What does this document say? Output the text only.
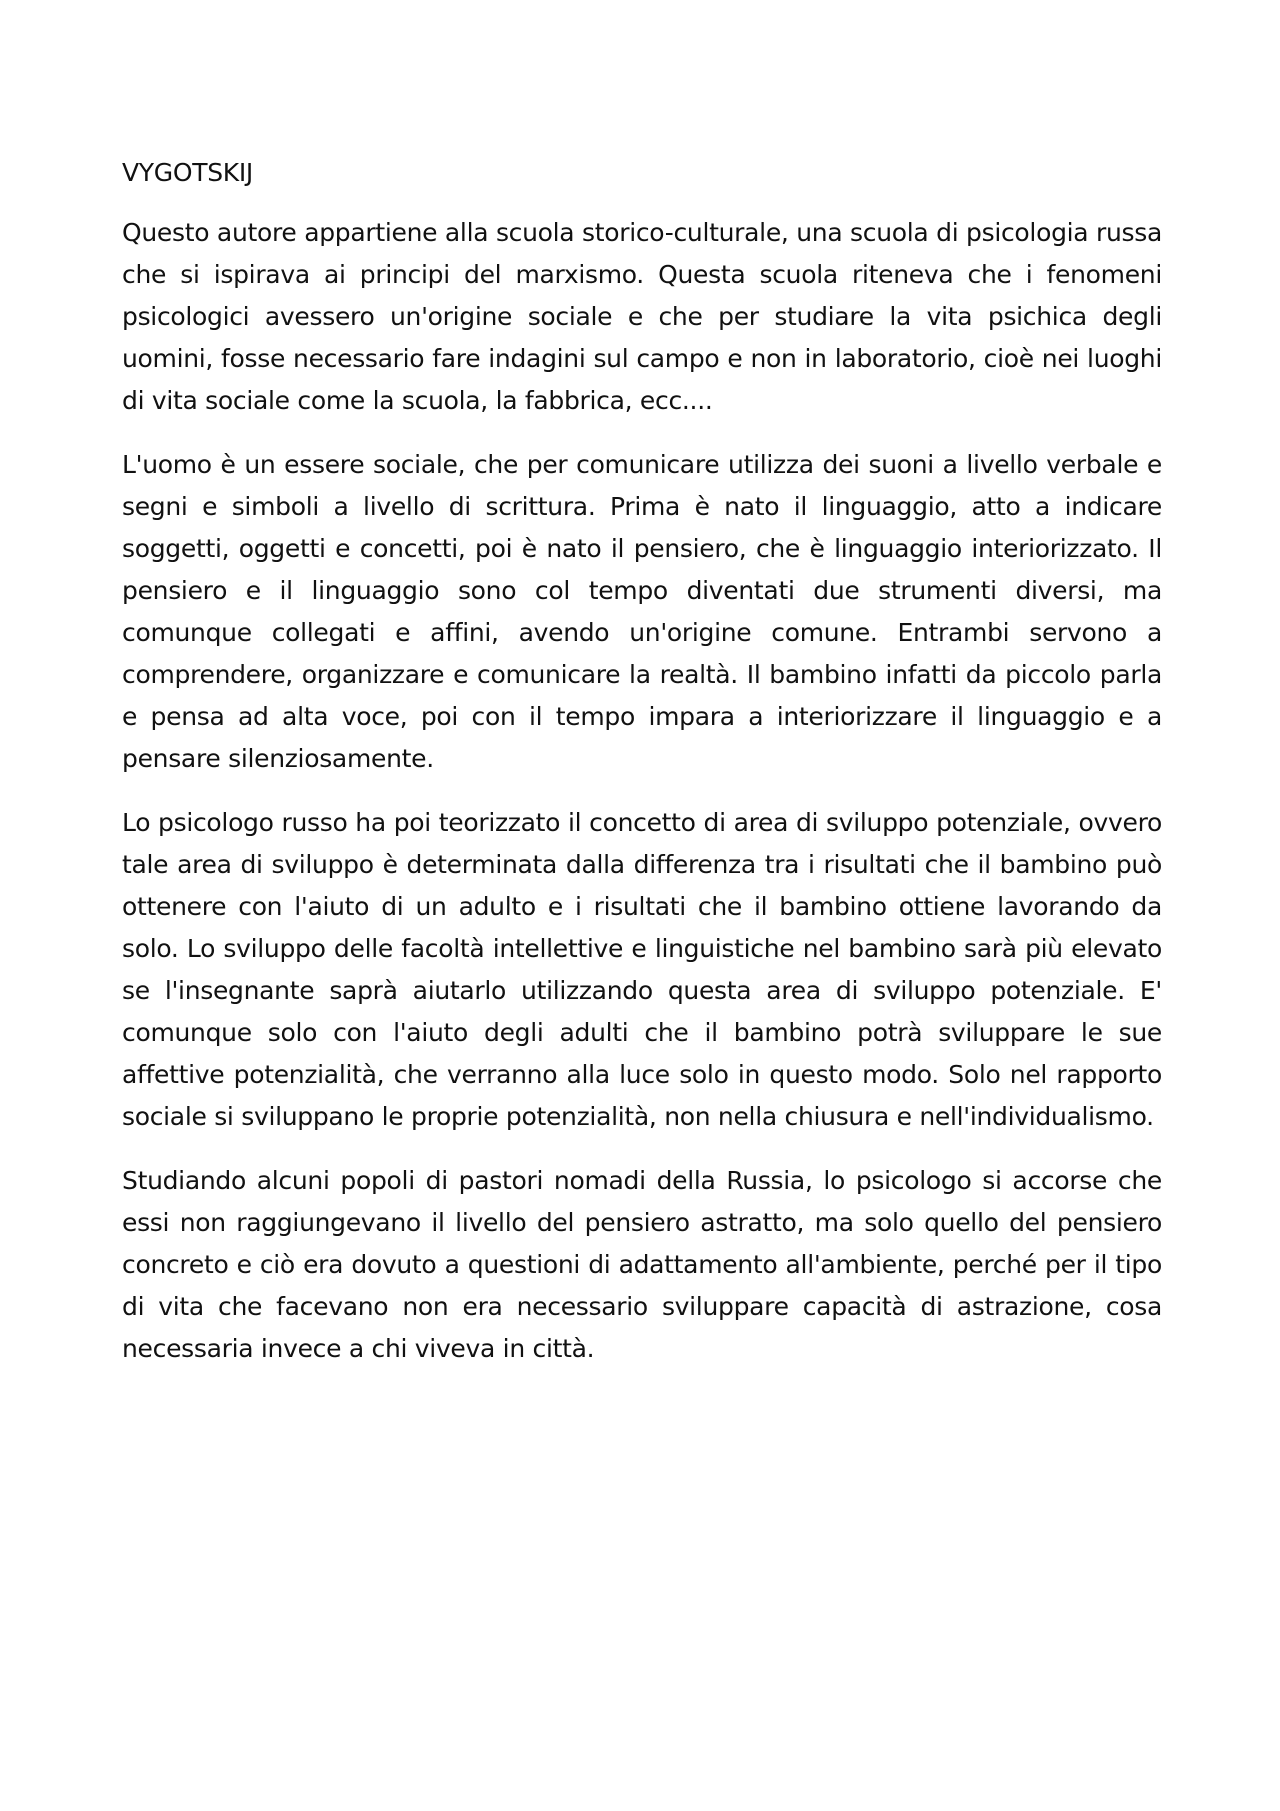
VYGOTSKIJ

Questo autore appartiene alla scuola storico-culturale, una scuola di psicologia russa che si ispirava ai principi del marxismo. Questa scuola riteneva che i fenomeni psicologici avessero un'origine sociale e che per studiare la vita psichica degli uomini, fosse necessario fare indagini sul campo e non in laboratorio, cioè nei luoghi di vita sociale come la scuola, la fabbrica, ecc....

L'uomo è un essere sociale, che per comunicare utilizza dei suoni a livello verbale e segni e simboli a livello di scrittura. Prima è nato il linguaggio, atto a indicare soggetti, oggetti e concetti, poi è nato il pensiero, che è linguaggio interiorizzato. Il pensiero e il linguaggio sono col tempo diventati due strumenti diversi, ma comunque collegati e affini, avendo un'origine comune. Entrambi servono a comprendere, organizzare e comunicare la realtà. Il bambino infatti da piccolo parla e pensa ad alta voce, poi con il tempo impara a interiorizzare il linguaggio e a pensare silenziosamente.

Lo psicologo russo ha poi teorizzato il concetto di area di sviluppo potenziale, ovvero tale area di sviluppo è determinata dalla differenza tra i risultati che il bambino può ottenere con l'aiuto di un adulto e i risultati che il bambino ottiene lavorando da solo. Lo sviluppo delle facoltà intellettive e linguistiche nel bambino sarà più elevato se l'insegnante saprà aiutarlo utilizzando questa area di sviluppo potenziale. E' comunque solo con l'aiuto degli adulti che il bambino potrà sviluppare le sue affettive potenzialità, che verranno alla luce solo in questo modo. Solo nel rapporto sociale si sviluppano le proprie potenzialità, non nella chiusura e nell'individualismo.

Studiando alcuni popoli di pastori nomadi della Russia, lo psicologo si accorse che essi non raggiungevano il livello del pensiero astratto, ma solo quello del pensiero concreto e ciò era dovuto a questioni di adattamento all'ambiente, perché per il tipo di vita che facevano non era necessario sviluppare capacità di astrazione, cosa necessaria invece a chi viveva in città.
